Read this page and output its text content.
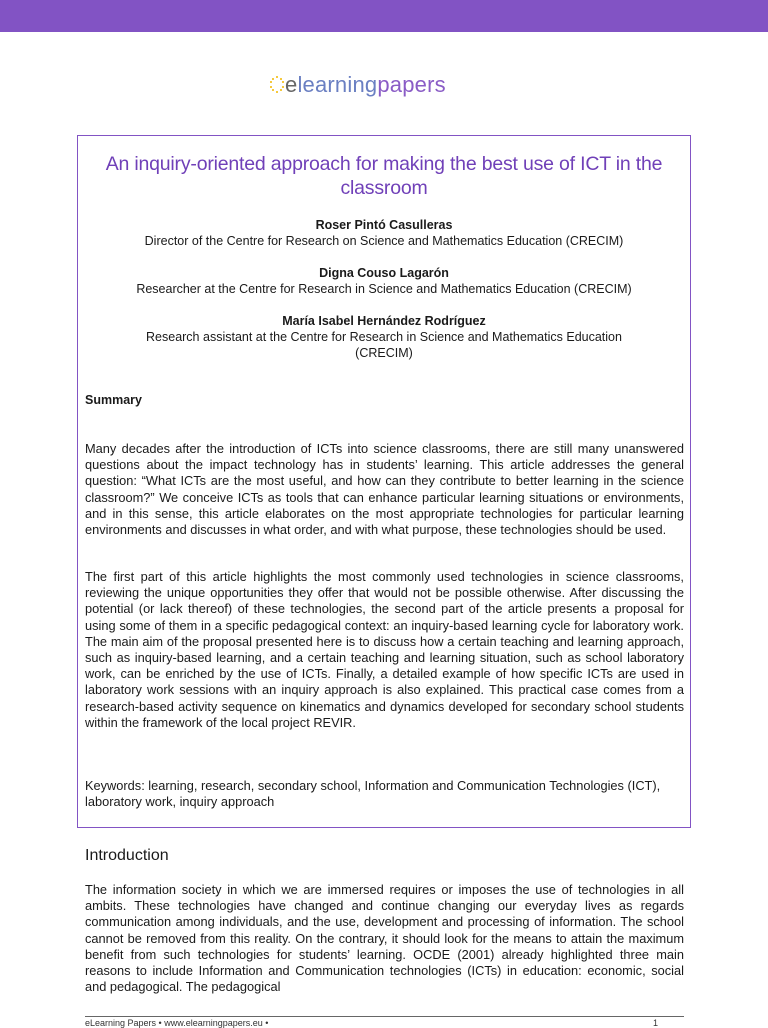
elearningpapers
An inquiry-oriented approach for making the best use of ICT in the classroom
Roser Pintó Casulleras
Director of the Centre for Research on Science and Mathematics Education (CRECIM)
Digna Couso Lagarón
Researcher at the Centre for Research in Science and Mathematics Education (CRECIM)
María Isabel Hernández Rodríguez
Research assistant at the Centre for Research in Science and Mathematics Education (CRECIM)
Summary

Many decades after the introduction of ICTs into science classrooms, there are still many unanswered questions about the impact technology has in students’ learning. This article addresses the general question: “What ICTs are the most useful, and how can they contribute to better learning in the science classroom?” We conceive ICTs as tools that can enhance particular learning situations or environments, and in this sense, this article elaborates on the most appropriate technologies for particular learning environments and discusses in what order, and with what purpose, these technologies should be used.

The first part of this article highlights the most commonly used technologies in science classrooms, reviewing the unique opportunities they offer that would not be possible otherwise. After discussing the potential (or lack thereof) of these technologies, the second part of the article presents a proposal for using some of them in a specific pedagogical context: an inquiry-based learning cycle for laboratory work. The main aim of the proposal presented here is to discuss how a certain teaching and learning approach, such as inquiry-based learning, and a certain teaching and learning situation, such as school laboratory work, can be enriched by the use of ICTs. Finally, a detailed example of how specific ICTs are used in laboratory work sessions with an inquiry approach is also explained. This practical case comes from a research-based activity sequence on kinematics and dynamics developed for secondary school students within the framework of the local project REVIR.

Keywords: learning, research, secondary school, Information and Communication Technologies (ICT), laboratory work, inquiry approach
Introduction

The information society in which we are immersed requires or imposes the use of technologies in all ambits. These technologies have changed and continue changing our everyday lives as regards communication among individuals, and the use, development and processing of information. The school cannot be removed from this reality. On the contrary, it should look for the means to attain the maximum benefit from such technologies for students’ learning. OCDE (2001) already highlighted three main reasons to include Information and Communication technologies (ICTs) in education: economic, social and pedagogical. The pedagogical

eLearning Papers • www.elearningpapers.eu •	1
